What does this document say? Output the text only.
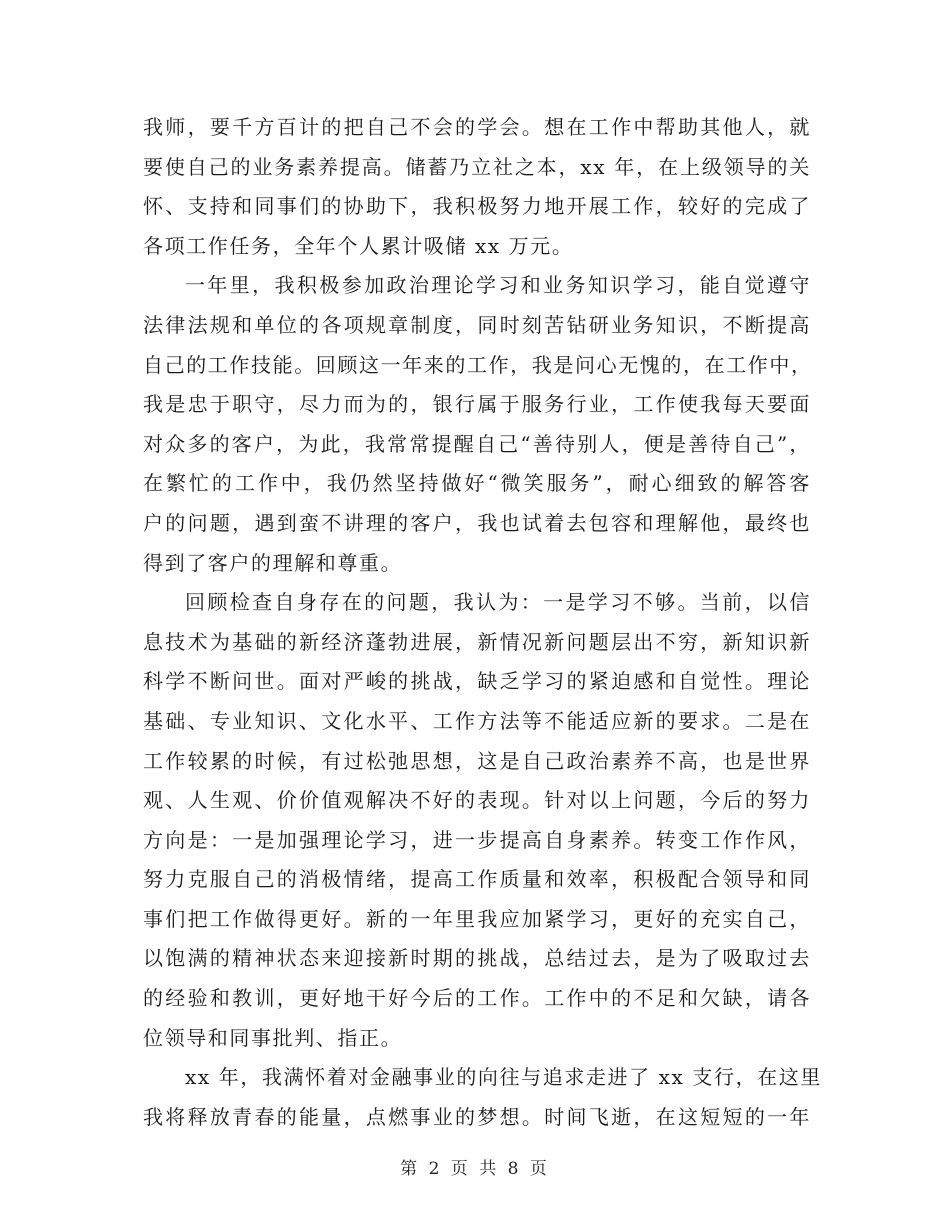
我师，要千方百计的把自己不会的学会。想在工作中帮助其他人，就
要使自己的业务素养提高。储蓄乃立社之本，xx 年，在上级领导的关
怀、支持和同事们的协助下，我积极努力地开展工作，较好的完成了
各项工作任务，全年个人累计吸储 xx 万元。
一年里，我积极参加政治理论学习和业务知识学习，能自觉遵守
法律法规和单位的各项规章制度，同时刻苦钻研业务知识，不断提高
自己的工作技能。回顾这一年来的工作，我是问心无愧的，在工作中，
我是忠于职守，尽力而为的，银行属于服务行业，工作使我每天要面
对众多的客户，为此，我常常提醒自己“善待别人，便是善待自己”，
在繁忙的工作中，我仍然坚持做好“微笑服务”，耐心细致的解答客
户的问题，遇到蛮不讲理的客户，我也试着去包容和理解他，最终也
得到了客户的理解和尊重。
回顾检查自身存在的问题，我认为：一是学习不够。当前，以信
息技术为基础的新经济蓬勃进展，新情况新问题层出不穷，新知识新
科学不断问世。面对严峻的挑战，缺乏学习的紧迫感和自觉性。理论
基础、专业知识、文化水平、工作方法等不能适应新的要求。二是在
工作较累的时候，有过松弛思想，这是自己政治素养不高，也是世界
观、人生观、价价值观解决不好的表现。针对以上问题，今后的努力
方向是：一是加强理论学习，进一步提高自身素养。转变工作作风，
努力克服自己的消极情绪，提高工作质量和效率，积极配合领导和同
事们把工作做得更好。新的一年里我应加紧学习，更好的充实自己，
以饱满的精神状态来迎接新时期的挑战，总结过去，是为了吸取过去
的经验和教训，更好地干好今后的工作。工作中的不足和欠缺，请各
位领导和同事批判、指正。
xx 年，我满怀着对金融事业的向往与追求走进了 xx 支行，在这里
我将释放青春的能量，点燃事业的梦想。时间飞逝，在这短短的一年
第 2 页 共 8 页
